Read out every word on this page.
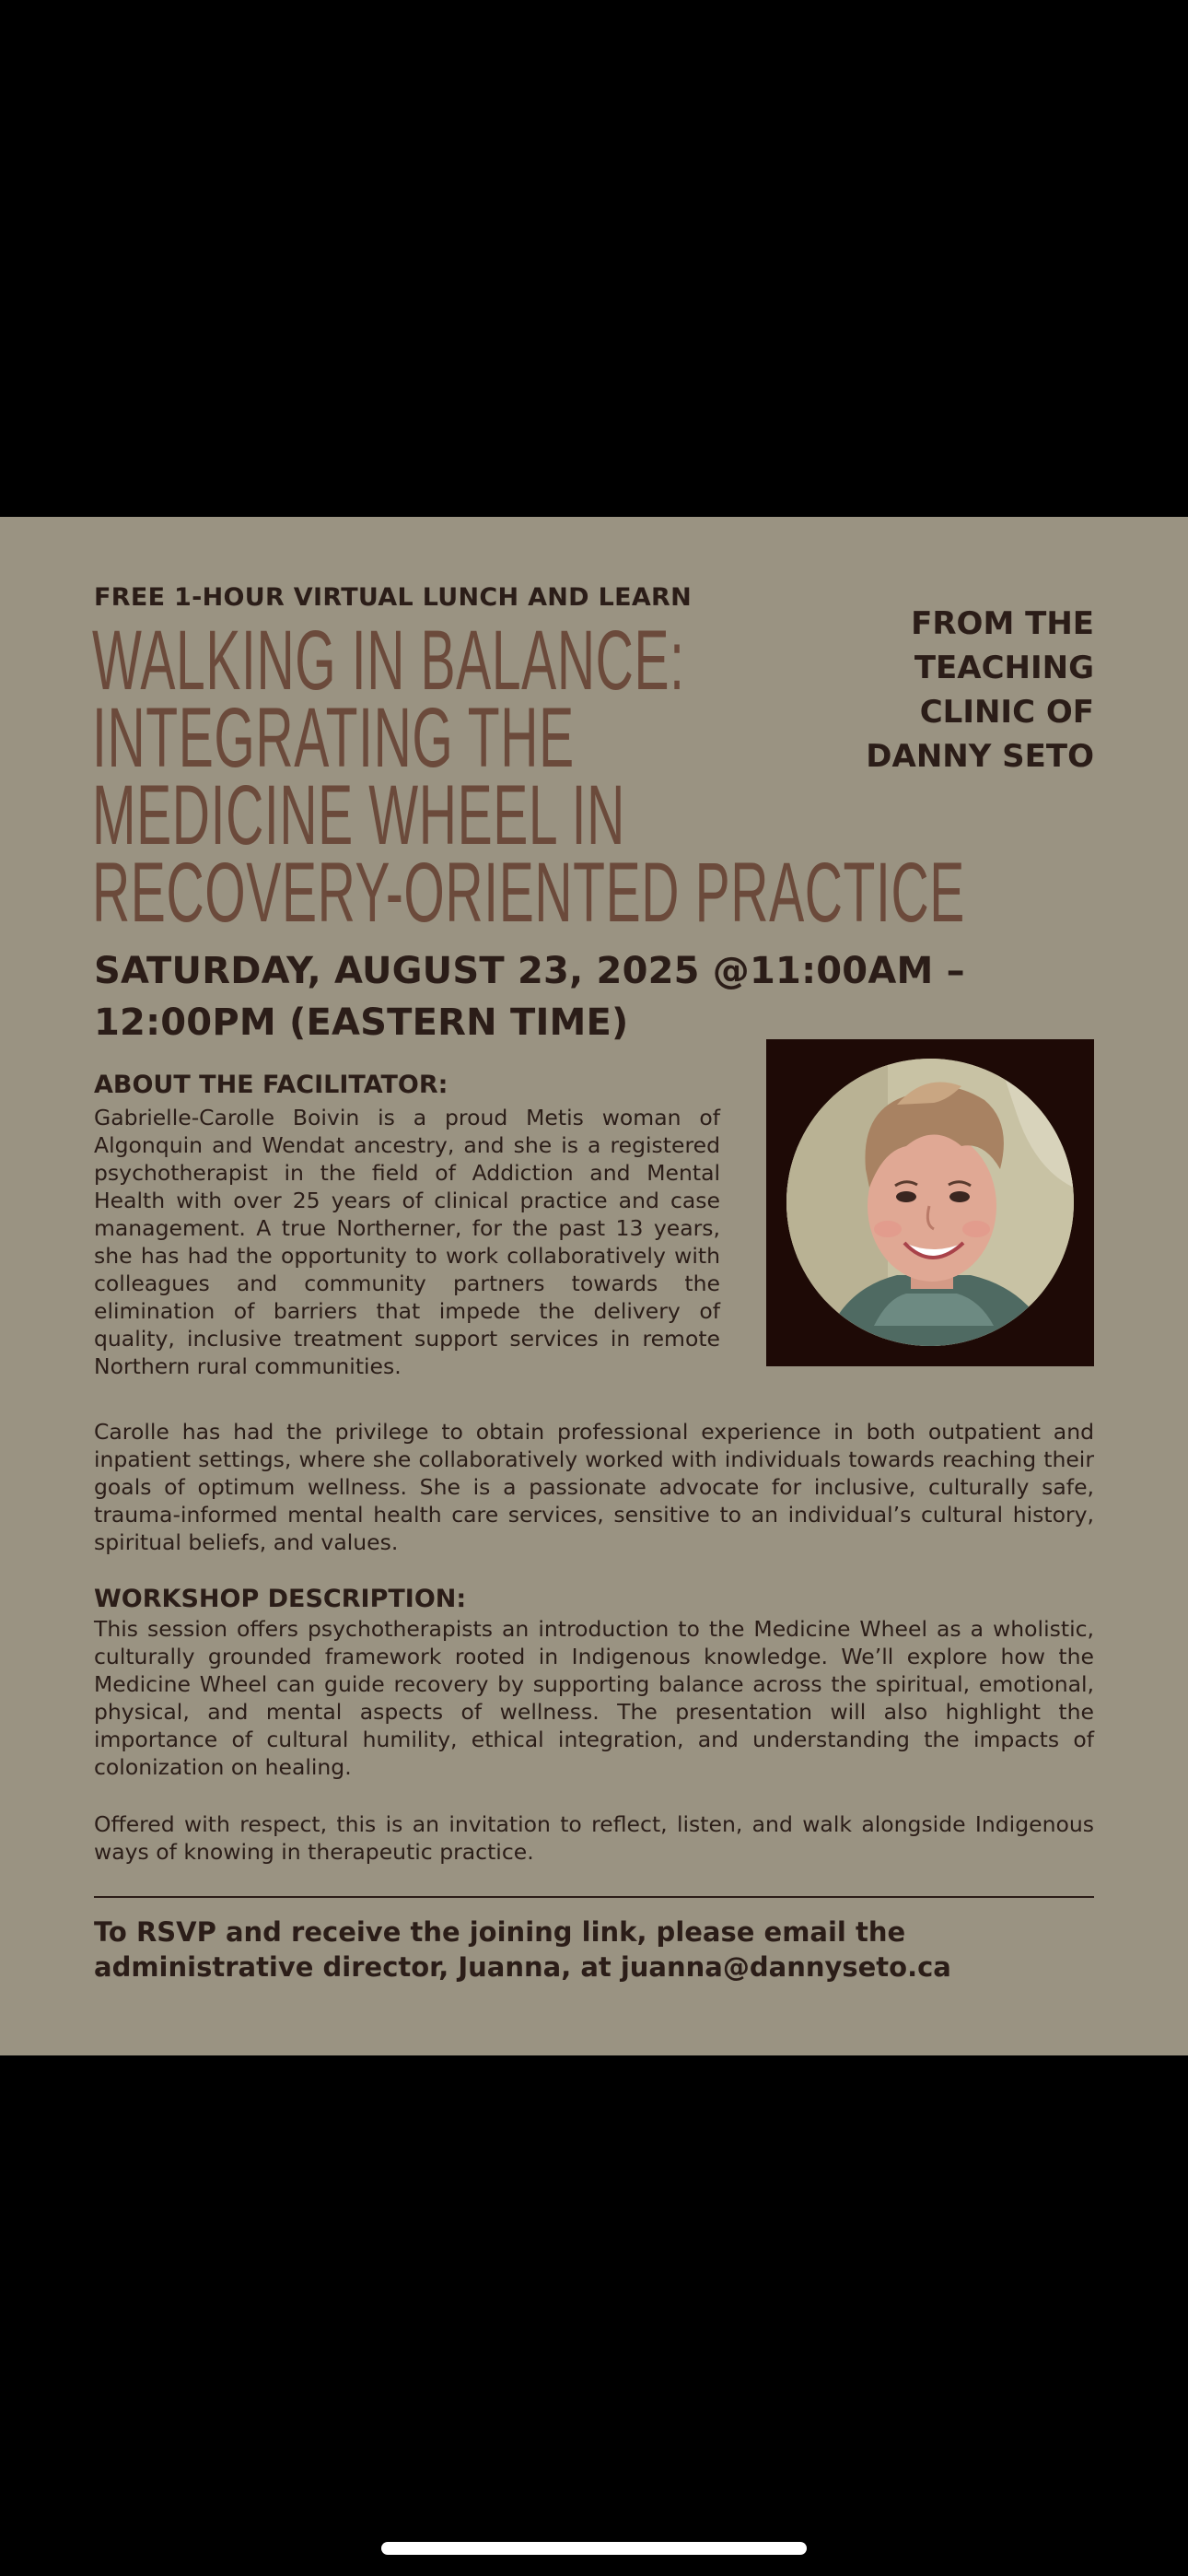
FREE 1-HOUR VIRTUAL LUNCH AND LEARN
WALKING IN BALANCE:
INTEGRATING THE
MEDICINE WHEEL IN
RECOVERY-ORIENTED PRACTICE
FROM THE
TEACHING
CLINIC OF
DANNY SETO
SATURDAY, AUGUST 23, 2025 @11:00AM – 12:00PM (EASTERN TIME)
ABOUT THE FACILITATOR:
Gabrielle-Carolle Boivin is a proud Metis woman of Algonquin and Wendat ancestry, and she is a registered psychotherapist in the field of Addiction and Mental Health with over 25 years of clinical practice and case management. A true Northerner, for the past 13 years, she has had the opportunity to work collaboratively with colleagues and community partners towards the elimination of barriers that impede the delivery of quality, inclusive treatment support services in remote Northern rural communities.
Carolle has had the privilege to obtain professional experience in both outpatient and inpatient settings, where she collaboratively worked with individuals towards reaching their goals of optimum wellness. She is a passionate advocate for inclusive, culturally safe, trauma-informed mental health care services, sensitive to an individual’s cultural history, spiritual beliefs, and values.
WORKSHOP DESCRIPTION:
This session offers psychotherapists an introduction to the Medicine Wheel as a wholistic, culturally grounded framework rooted in Indigenous knowledge. We’ll explore how the Medicine Wheel can guide recovery by supporting balance across the spiritual, emotional, physical, and mental aspects of wellness. The presentation will also highlight the importance of cultural humility, ethical integration, and understanding the impacts of colonization on healing.
Offered with respect, this is an invitation to reflect, listen, and walk alongside Indigenous ways of knowing in therapeutic practice.
To RSVP and receive the joining link, please email the administrative director, Juanna, at juanna@dannyseto.ca
